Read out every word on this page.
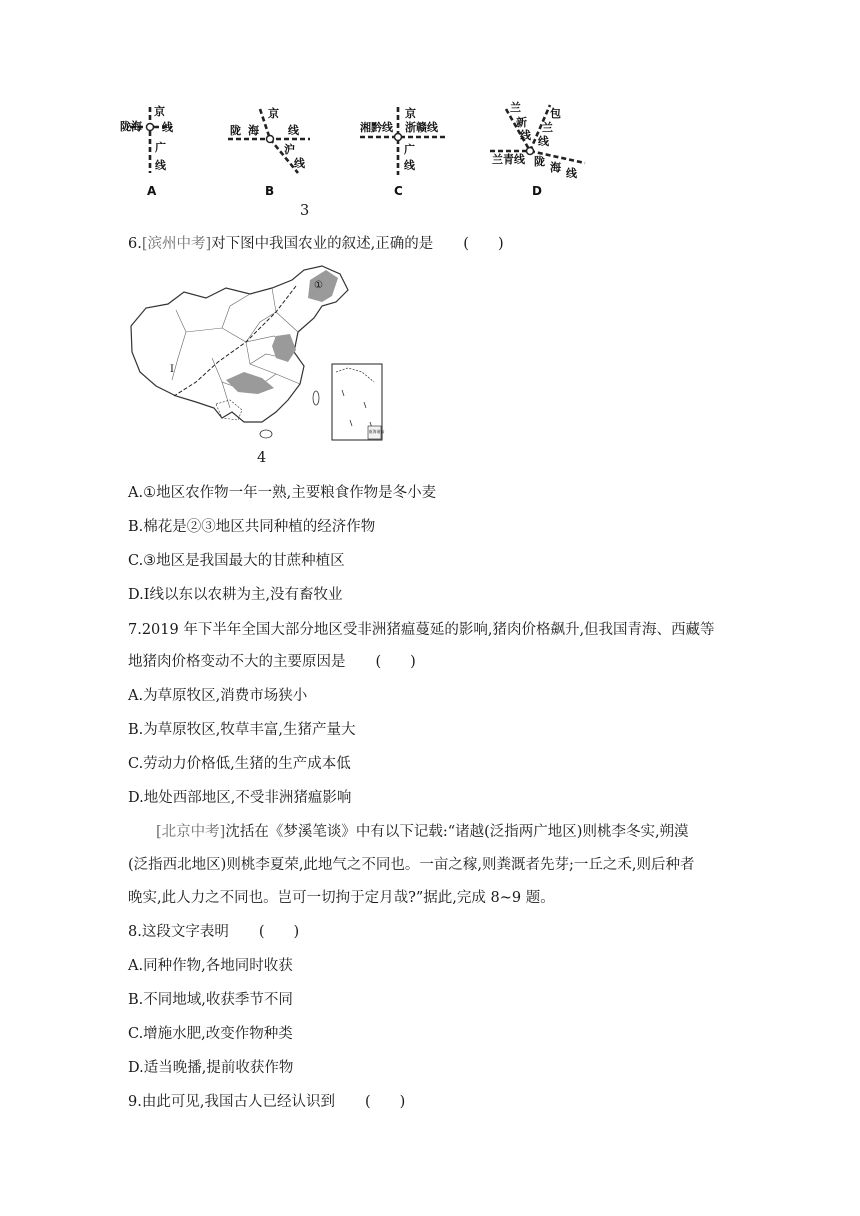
陇海
京
线
广
线
A
陇 海
京
线
沪
线
B
湘黔线
京
浙赣线
广
线
C
兰
新
线
包
兰
线
兰青线 陇 海 线
D
3
6.[滨州中考]对下图中我国农业的叙述,正确的是 (　　)
①
Ⅰ
南海诸岛
4
A.①地区农作物一年一熟,主要粮食作物是冬小麦
B.棉花是②③地区共同种植的经济作物
C.③地区是我国最大的甘蔗种植区
D.Ⅰ线以东以农耕为主,没有畜牧业
7.2019 年下半年全国大部分地区受非洲猪瘟蔓延的影响,猪肉价格飙升,但我国青海、西藏等
地猪肉价格变动不大的主要原因是 (　　)
A.为草原牧区,消费市场狭小
B.为草原牧区,牧草丰富,生猪产量大
C.劳动力价格低,生猪的生产成本低
D.地处西部地区,不受非洲猪瘟影响
[北京中考]沈括在《梦溪笔谈》中有以下记载:“诸越(泛指两广地区)则桃李冬实,朔漠
(泛指西北地区)则桃李夏荣,此地气之不同也。一亩之稼,则粪溉者先芽;一丘之禾,则后种者
晚实,此人力之不同也。岂可一切拘于定月哉?”据此,完成 8~9 题。
8.这段文字表明 (　　)
A.同种作物,各地同时收获
B.不同地域,收获季节不同
C.增施水肥,改变作物种类
D.适当晚播,提前收获作物
9.由此可见,我国古人已经认识到 (　　)
